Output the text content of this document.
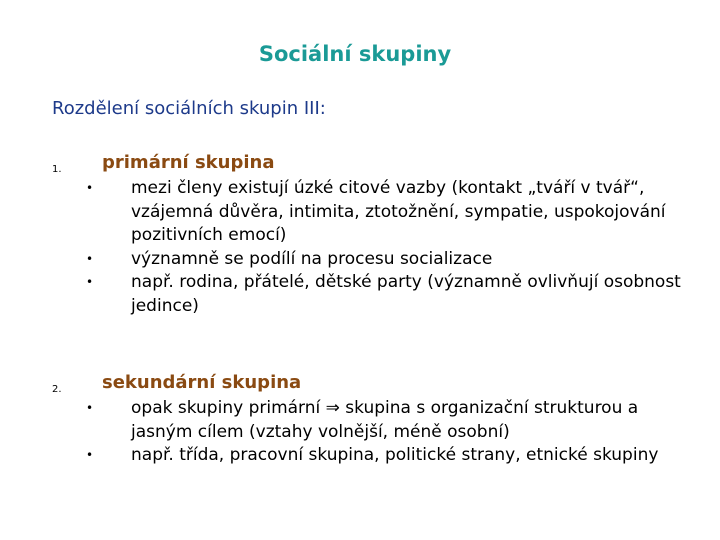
Sociální skupiny
Rozdělení sociálních skupin III:
1. primární skupina
• mezi členy existují úzké citové vazby (kontakt „tváří v tvář“, vzájemná důvěra, intimita, ztotožnění, sympatie, uspokojování pozitivních emocí)
• významně se podílí na procesu socializace
• např. rodina, přátelé, dětské party (významně ovlivňují osobnost jedince)
2. sekundární skupina
• opak skupiny primární ⇒ skupina s organizační strukturou a jasným cílem (vztahy volnější, méně osobní)
• např. třída, pracovní skupina, politické strany, etnické skupiny
